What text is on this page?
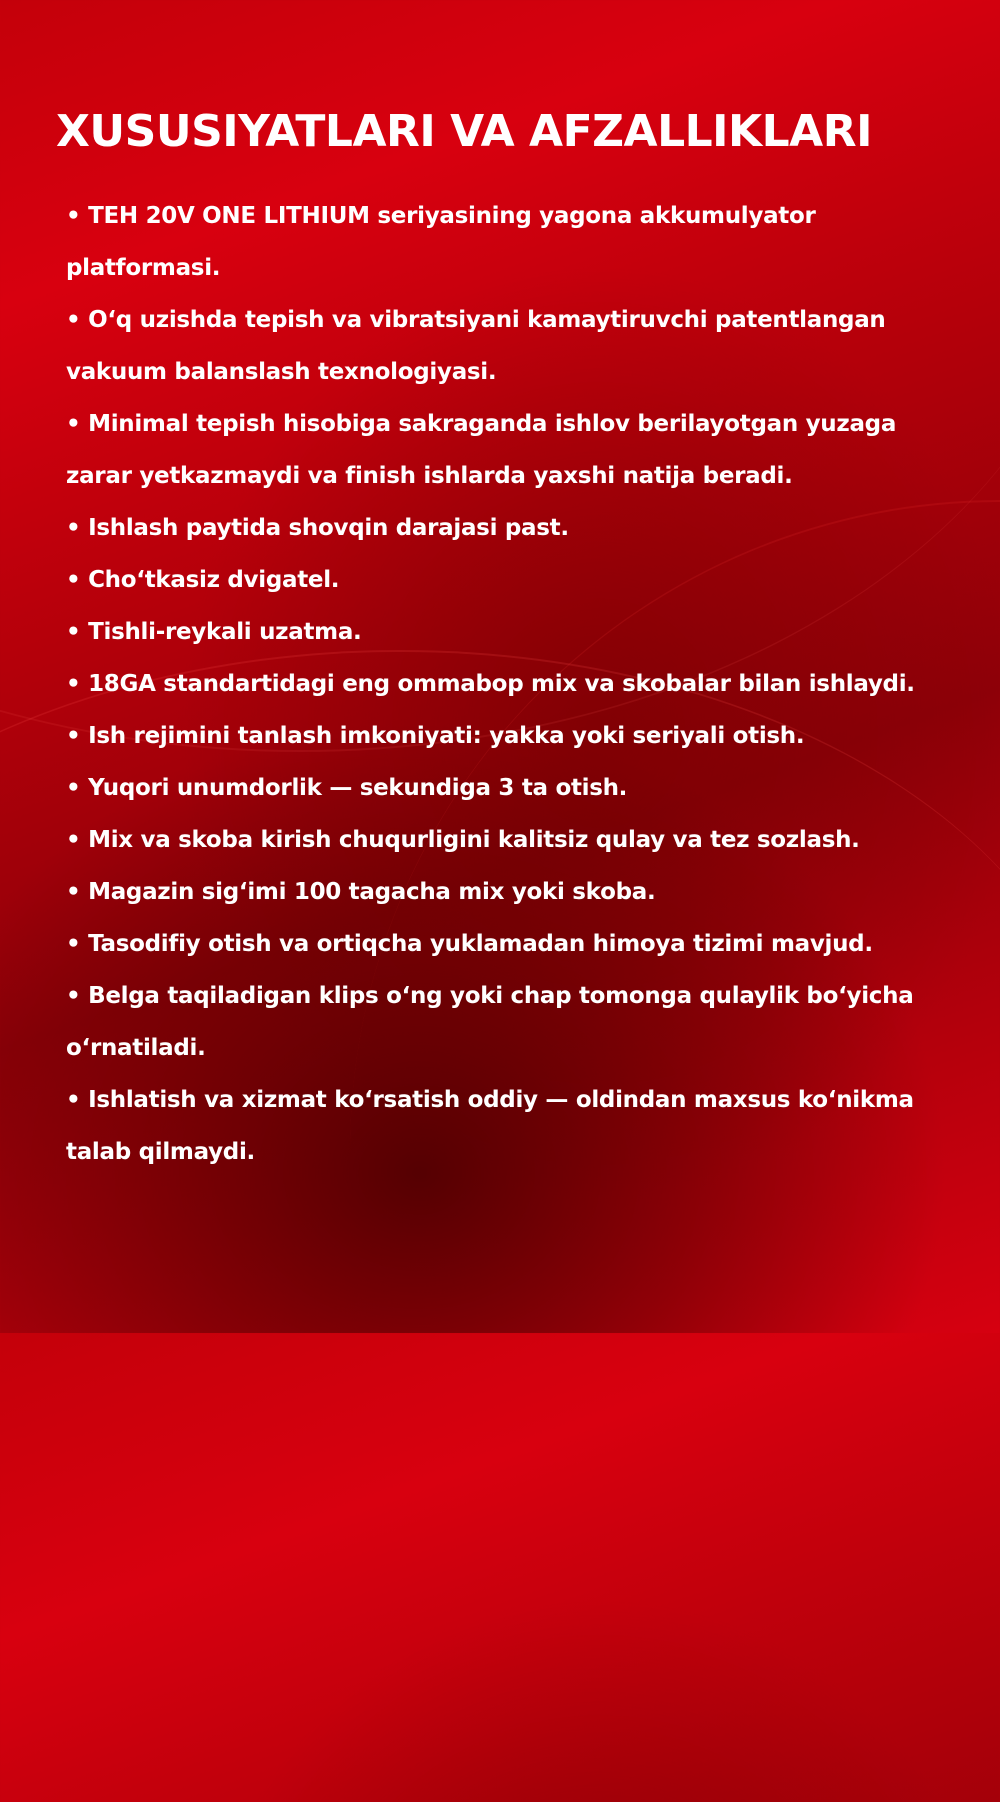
XUSUSIYATLARI VA AFZALLIKLARI
• TEH 20V ONE LITHIUM seriyasining yagona akkumulyator platformasi.
• O‘q uzishda tepish va vibratsiyani kamaytiruvchi patentlangan vakuum balanslash texnologiyasi.
• Minimal tepish hisobiga sakraganda ishlov berilayotgan yuzaga zarar yetkazmaydi va finish ishlarda yaxshi natija beradi.
• Ishlash paytida shovqin darajasi past.
• Cho‘tkasiz dvigatel.
• Tishli-reykali uzatma.
• 18GA standartidagi eng ommabop mix va skobalar bilan ishlaydi.
• Ish rejimini tanlash imkoniyati: yakka yoki seriyali otish.
• Yuqori unumdorlik — sekundiga 3 ta otish.
• Mix va skoba kirish chuqurligini kalitsiz qulay va tez sozlash.
• Magazin sig‘imi 100 tagacha mix yoki skoba.
• Tasodifiy otish va ortiqcha yuklamadan himoya tizimi mavjud.
• Belga taqiladigan klips o‘ng yoki chap tomonga qulaylik bo‘yicha o‘rnatiladi.
• Ishlatish va xizmat ko‘rsatish oddiy — oldindan maxsus ko‘nikma talab qilmaydi.
